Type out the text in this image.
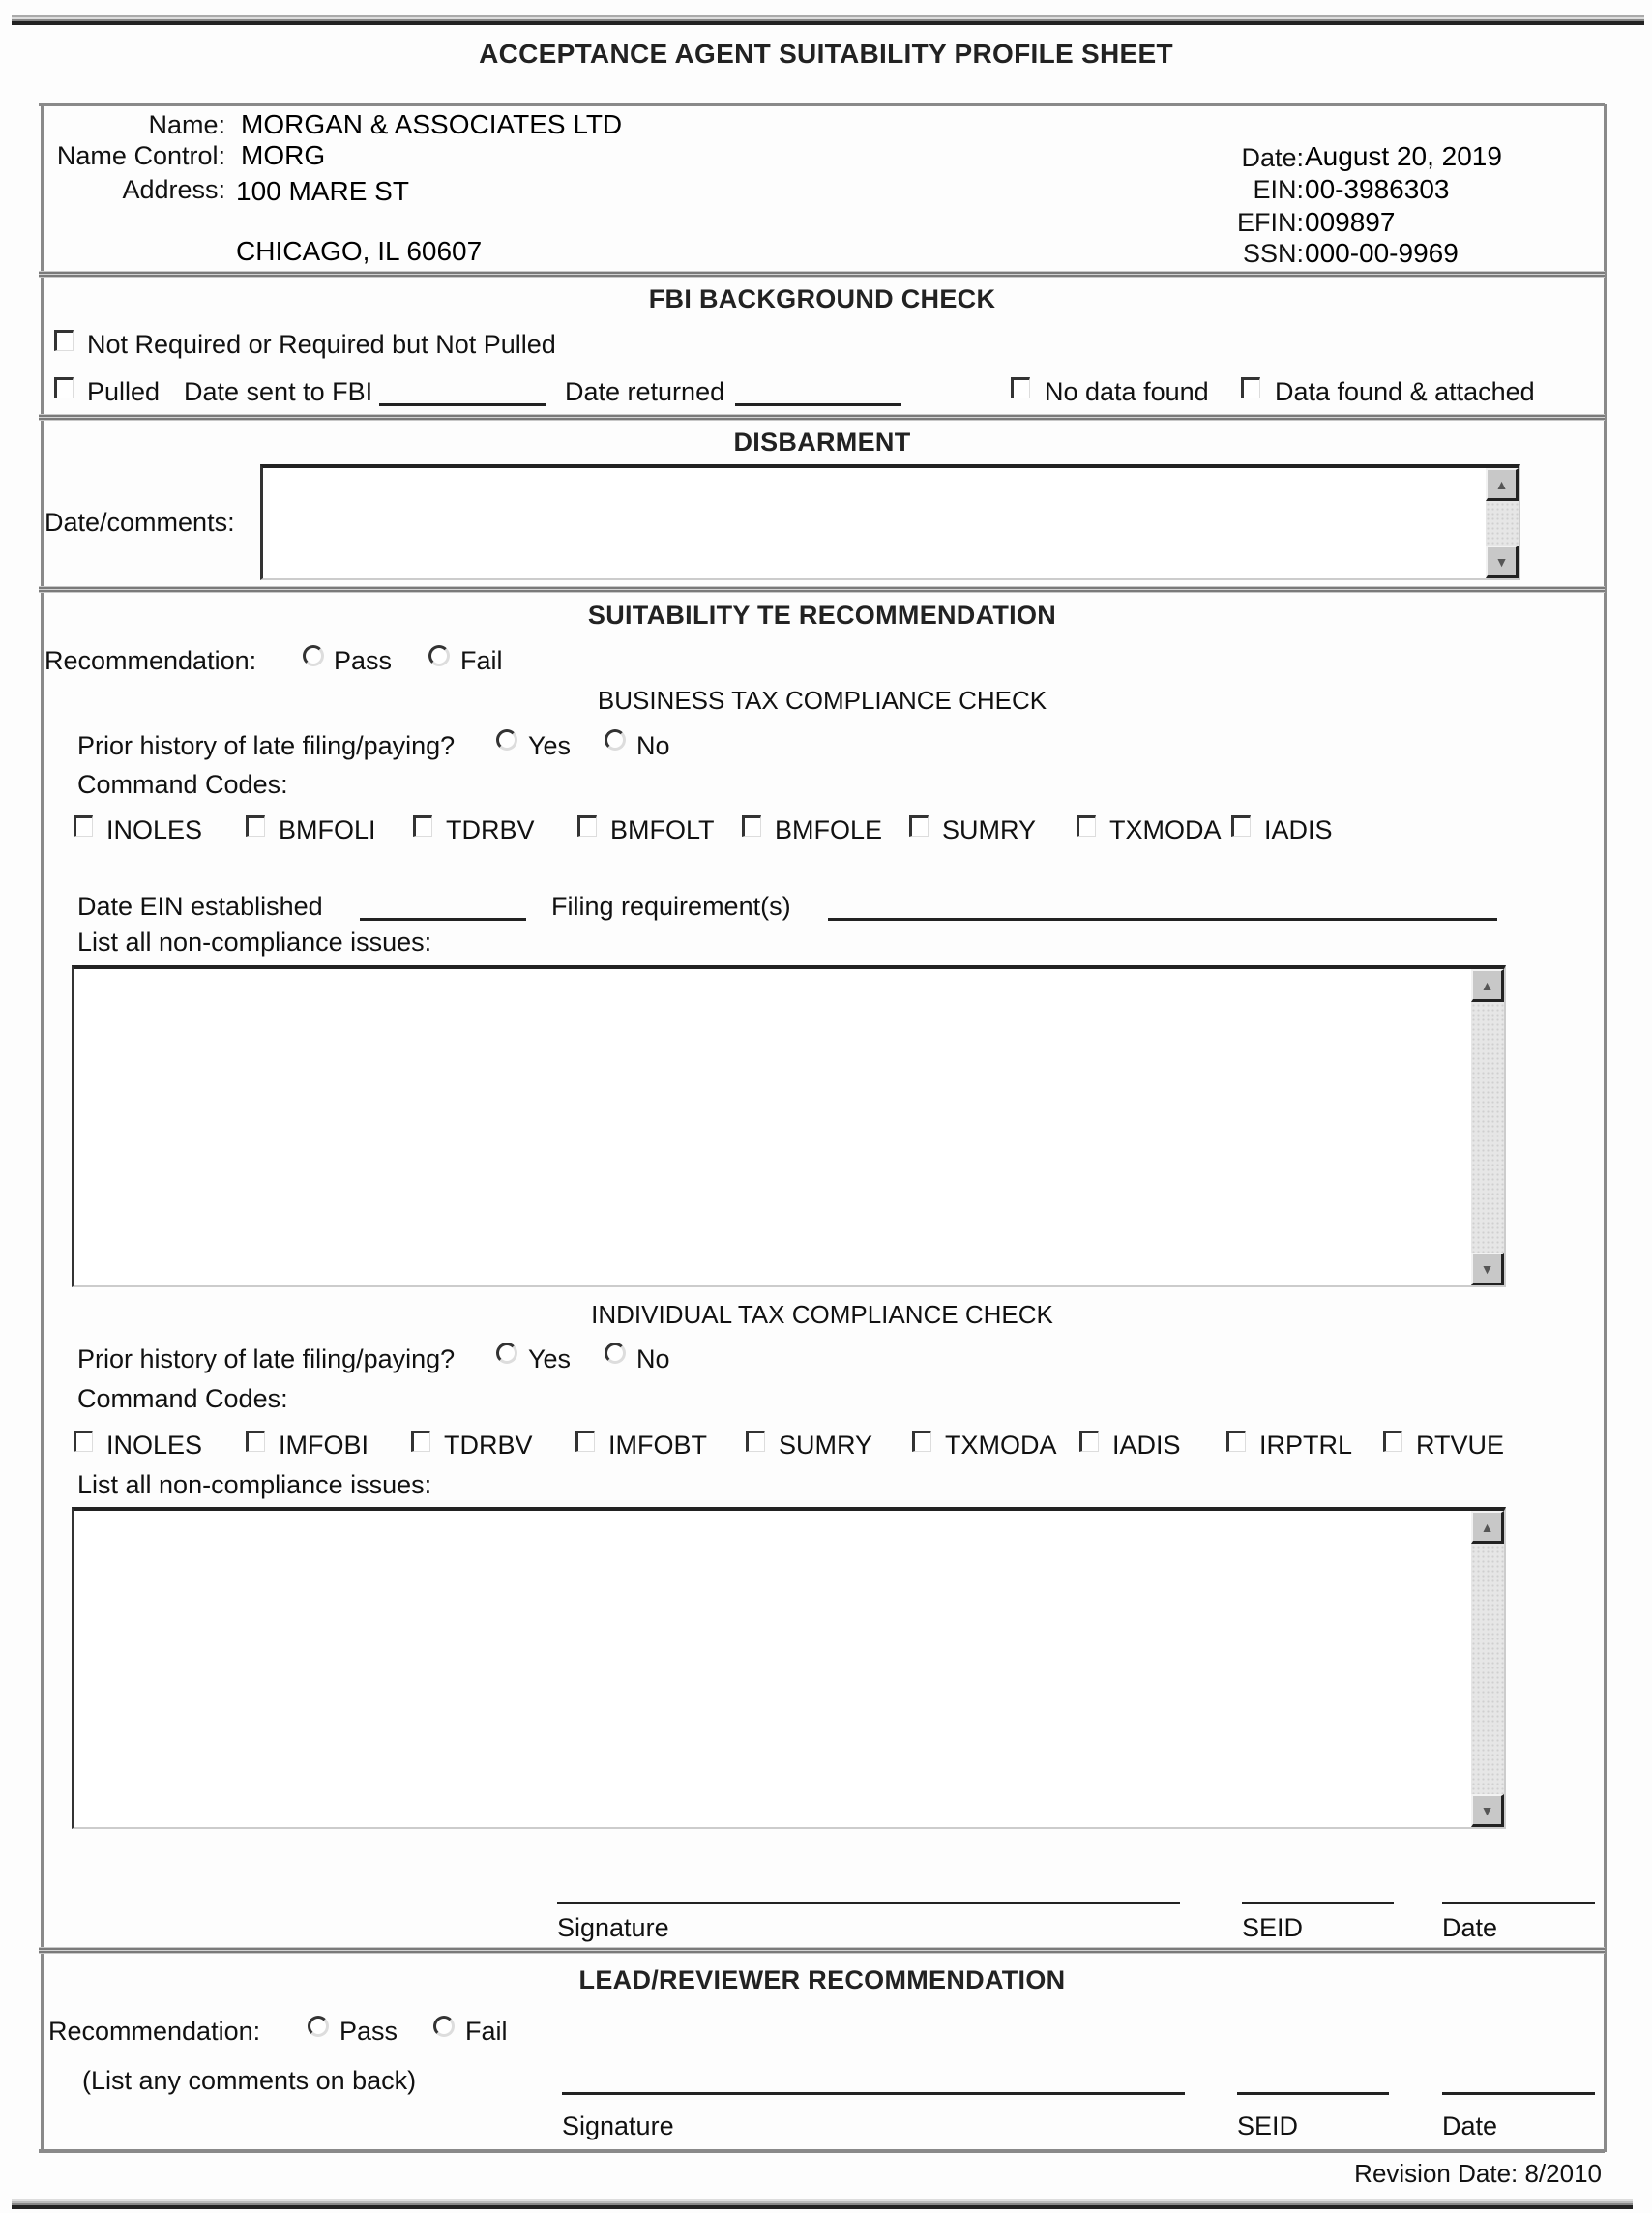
ACCEPTANCE AGENT SUITABILITY PROFILE SHEET
Name: MORGAN & ASSOCIATES LTD
Name Control: MORG
Address: 100 MARE ST
CHICAGO, IL 60607
Date: August 20, 2019
EIN: 00-3986303
EFIN: 009897
SSN: 000-00-9969
FBI BACKGROUND CHECK
Not Required or Required but Not Pulled
Pulled Date sent to FBI	Date returned	No data found	Data found & attached
DISBARMENT
Date/comments:
▲
▼
SUITABILITY TE RECOMMENDATION
Recommendation:	Pass	Fail
BUSINESS TAX COMPLIANCE CHECK
Prior history of late filing/paying?	Yes	No
Command Codes:
INOLES	BMFOLI	TDRBV	BMFOLT BMFOLE SUMRY	TXMODA IADIS
Date EIN established	Filing requirement(s)
List all non-compliance issues:
▲
▼
INDIVIDUAL TAX COMPLIANCE CHECK
Prior history of late filing/paying?	Yes	No
Command Codes:
INOLES	IMFOBI	TDRBV	IMFOBT	SUMRY	TXMODA IADIS	IRPTRL RTVUE
List all non-compliance issues:
▲
▼
Signature	SEID	Date
LEAD/REVIEWER RECOMMENDATION
Recommendation:	Pass	Fail
(List any comments on back)
Signature	SEID	Date
Revision Date: 8/2010
